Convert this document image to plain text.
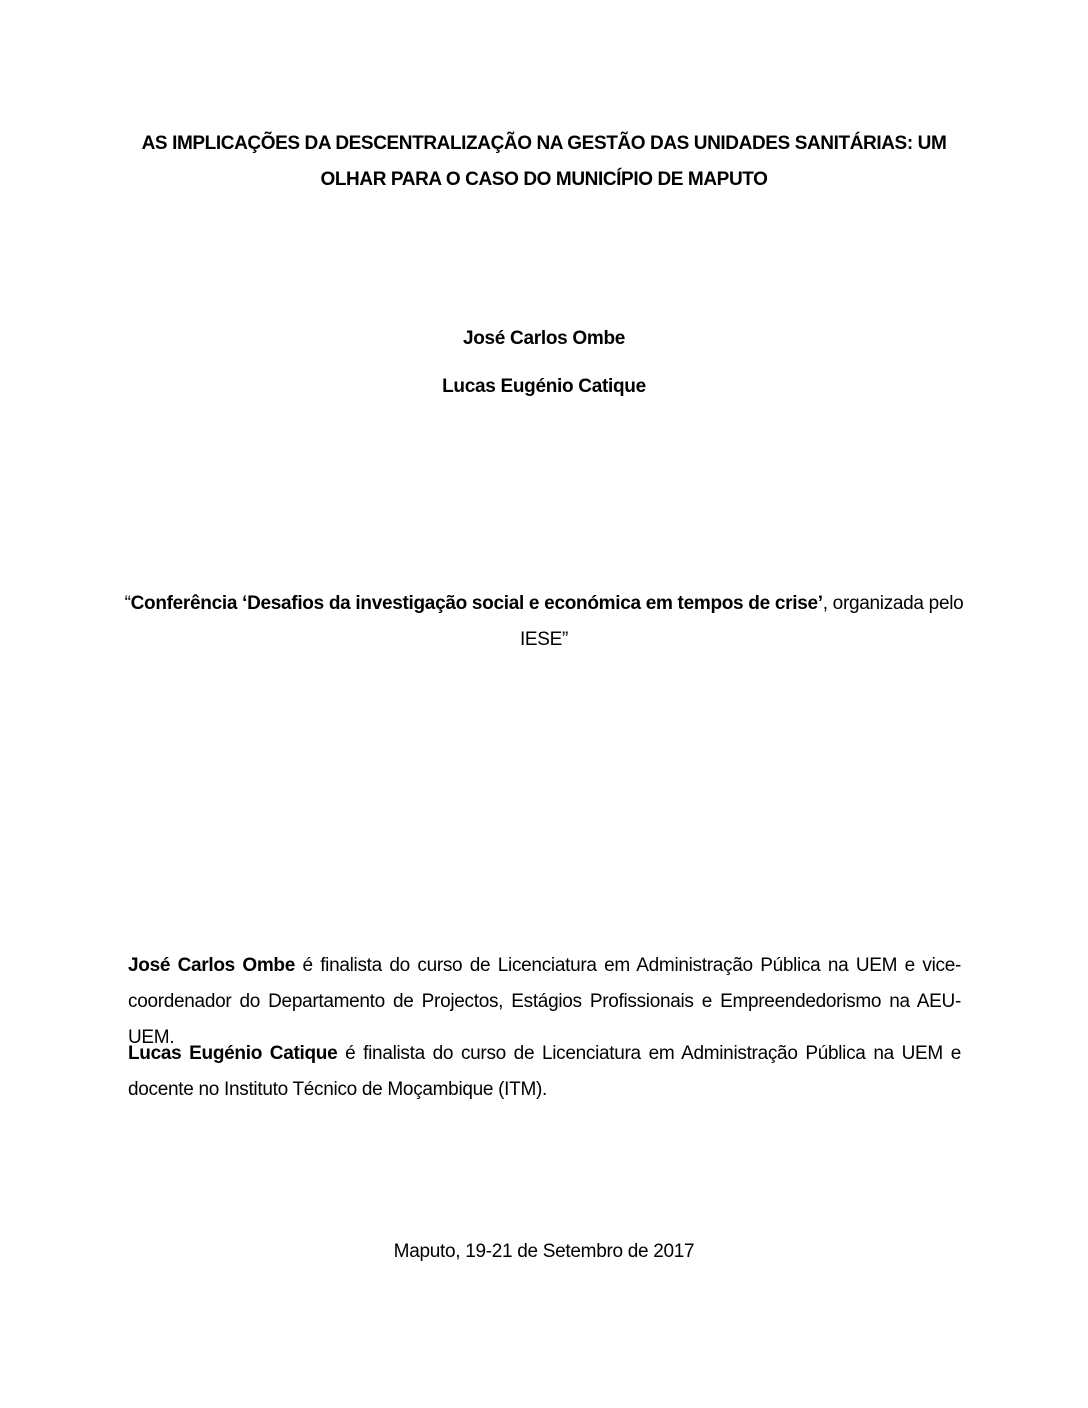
AS IMPLICAÇÕES DA DESCENTRALIZAÇÃO NA GESTÃO DAS UNIDADES SANITÁRIAS: UM
OLHAR PARA O CASO DO MUNICÍPIO DE MAPUTO

José Carlos Ombe

Lucas Eugénio Catique

“Conferência ‘Desafios da investigação social e económica em tempos de crise’, organizada pelo IESE”

José Carlos Ombe é finalista do curso de Licenciatura em Administração Pública na UEM e vice-coordenador do Departamento de Projectos, Estágios Profissionais e Empreendedorismo na AEU-UEM.

Lucas Eugénio Catique é finalista do curso de Licenciatura em Administração Pública na UEM e docente no Instituto Técnico de Moçambique (ITM).

Maputo, 19-21 de Setembro de 2017
